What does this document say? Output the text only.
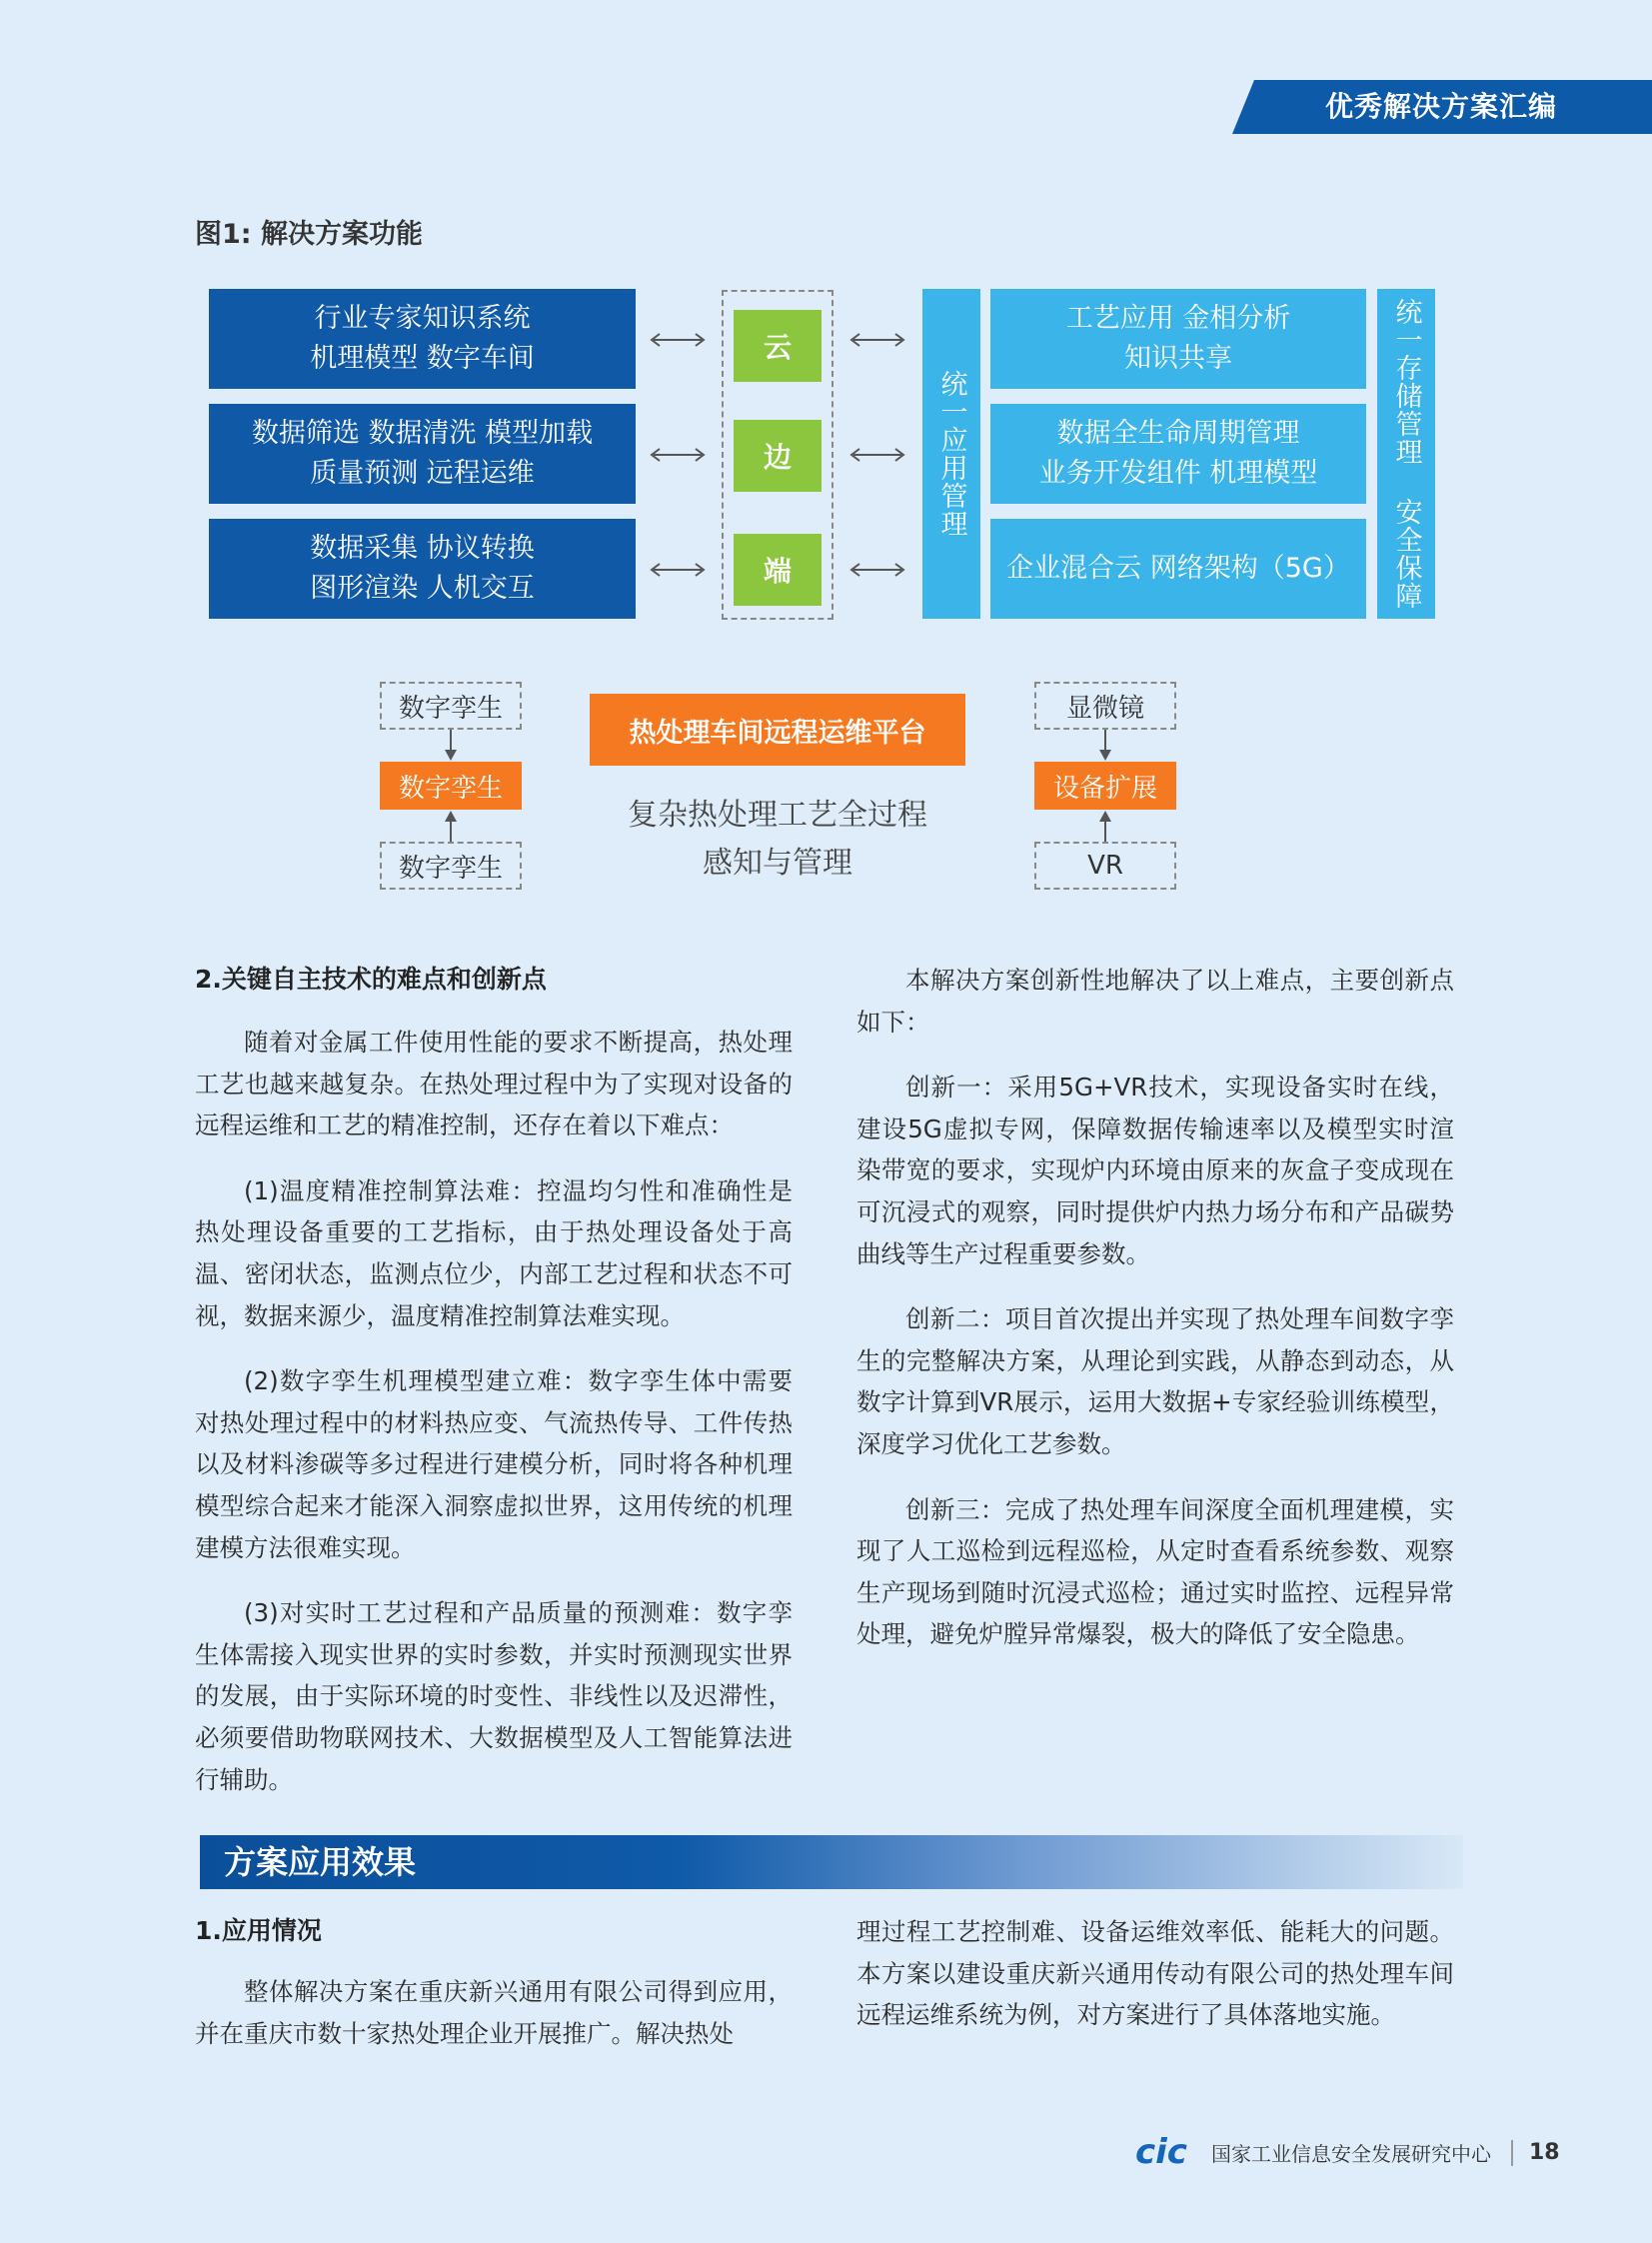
优秀解决方案汇编
图1: 解决方案功能
行业专家知识系统
机理模型 数字车间
数据筛选 数据清洗 模型加载
质量预测 远程运维
数据采集 协议转换
图形渲染 人机交互
云
边
端
统一应用管理
工艺应用 金相分析
知识共享
数据全生命周期管理
业务开发组件 机理模型
企业混合云 网络架构（5G） 统一存储管理 安全保障
数字孪生
数字孪生
数字孪生
热处理车间远程运维平台
复杂热处理工艺全过程
感知与管理
显微镜
设备扩展
VR
2.关键自主技术的难点和创新点

随着对金属工件使用性能的要求不断提高，热处理工艺也越来越复杂。在热处理过程中为了实现对设备的远程运维和工艺的精准控制，还存在着以下难点：

(1)温度精准控制算法难：控温均匀性和准确性是热处理设备重要的工艺指标，由于热处理设备处于高温、密闭状态，监测点位少，内部工艺过程和状态不可视，数据来源少，温度精准控制算法难实现。

(2)数字孪生机理模型建立难：数字孪生体中需要对热处理过程中的材料热应变、气流热传导、工件传热以及材料渗碳等多过程进行建模分析，同时将各种机理模型综合起来才能深入洞察虚拟世界，这用传统的机理建模方法很难实现。

(3)对实时工艺过程和产品质量的预测难：数字孪生体需接入现实世界的实时参数，并实时预测现实世界的发展，由于实际环境的时变性、非线性以及迟滞性，必须要借助物联网技术、大数据模型及人工智能算法进行辅助。

本解决方案创新性地解决了以上难点，主要创新点如下：

创新一：采用5G+VR技术，实现设备实时在线，建设5G虚拟专网，保障数据传输速率以及模型实时渲染带宽的要求，实现炉内环境由原来的灰盒子变成现在可沉浸式的观察，同时提供炉内热力场分布和产品碳势曲线等生产过程重要参数。

创新二：项目首次提出并实现了热处理车间数字孪生的完整解决方案，从理论到实践，从静态到动态，从数字计算到VR展示，运用大数据+专家经验训练模型，深度学习优化工艺参数。

创新三：完成了热处理车间深度全面机理建模，实现了人工巡检到远程巡检，从定时查看系统参数、观察生产现场到随时沉浸式巡检；通过实时监控、远程异常处理，避免炉膛异常爆裂，极大的降低了安全隐患。

方案应用效果
1.应用情况

整体解决方案在重庆新兴通用有限公司得到应用，并在重庆市数十家热处理企业开展推广。解决热处

理过程工艺控制难、设备运维效率低、能耗大的问题。本方案以建设重庆新兴通用传动有限公司的热处理车间远程运维系统为例，对方案进行了具体落地实施。

cic 国家工业信息安全发展研究中心 18
